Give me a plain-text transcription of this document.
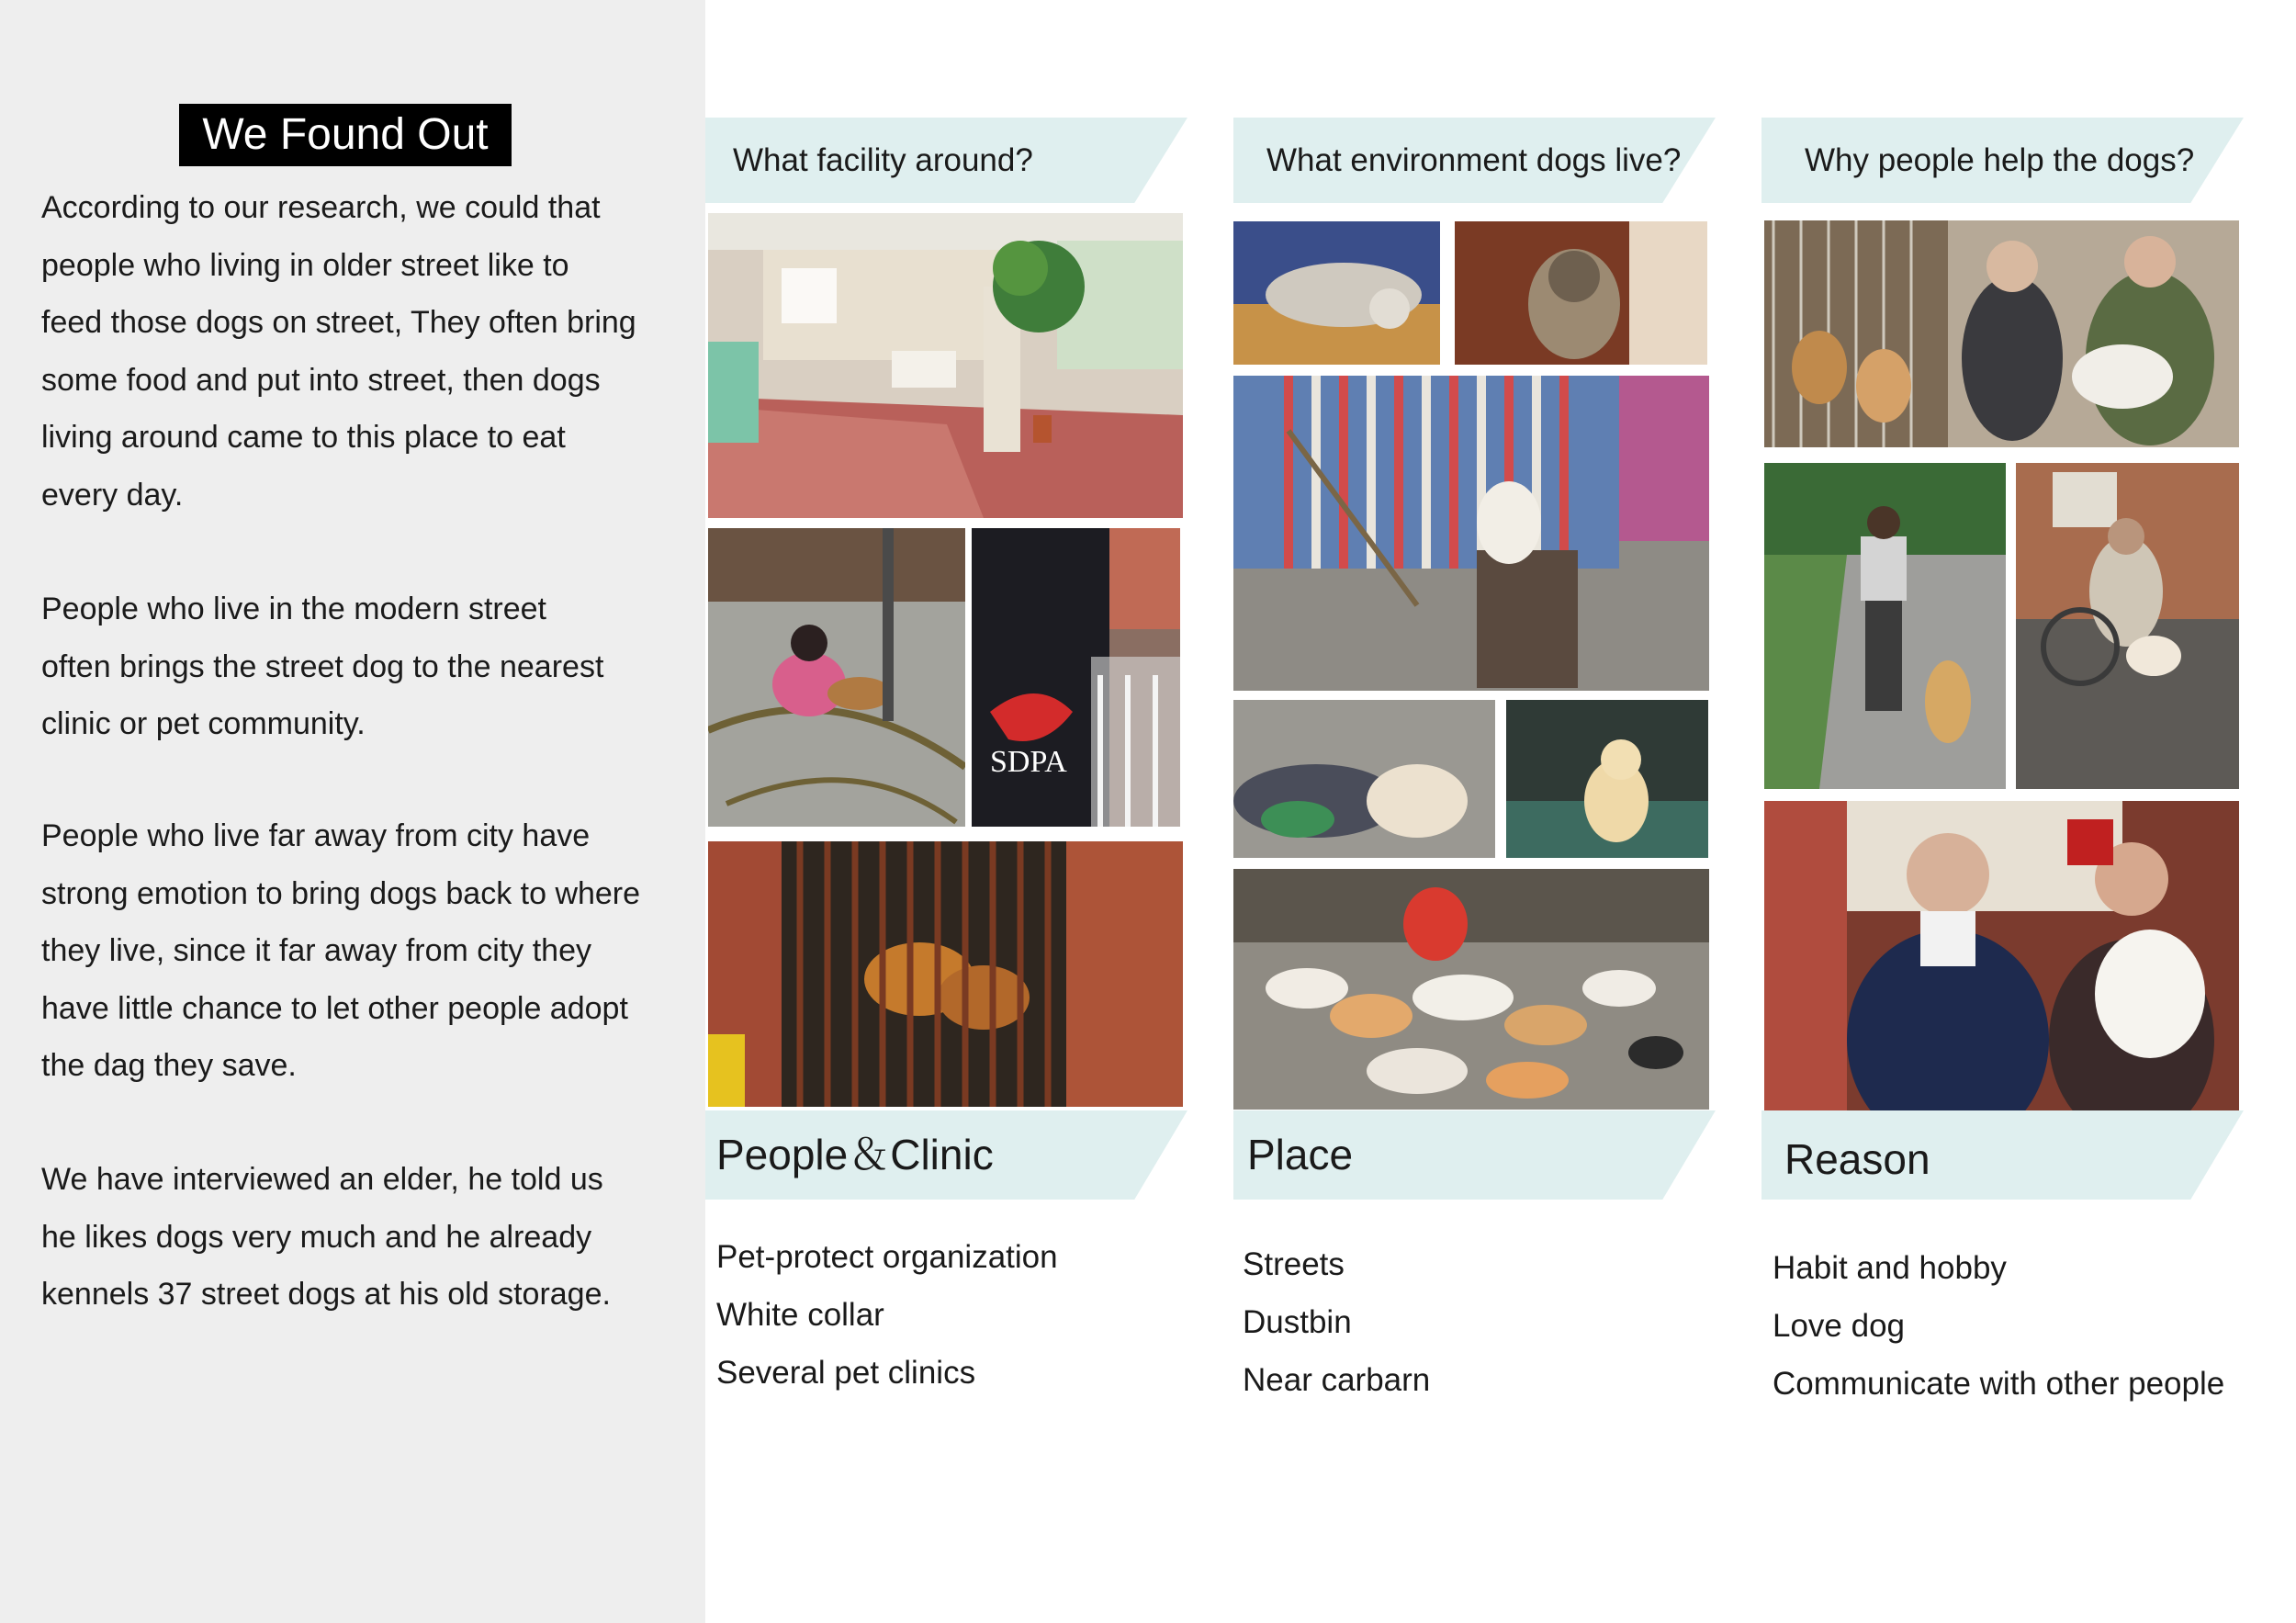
We Found Out

According to our research, we could that
people who living in older street like to
feed those dogs on street, They often bring
some food and put into street, then dogs
living around came to this place to eat
every day.

People who live in the modern street
often brings the street dog to the nearest
clinic or pet community.

People who live far away from city have
strong emotion to bring dogs back to where
they live, since it far away from city they
have little chance to let other people adopt
the dag they save.

We have interviewed an elder, he told us
he likes dogs very much and he already
kennels 37 street dogs at his old storage.

What facility around?
SDPA
People＆Clinic
Pet-protect organization
White collar
Several pet clinics
What environment dogs live?
Place
Streets
Dustbin
Near carbarn
Why people help the dogs?
Reason
Habit and hobby
Love dog
Communicate with other people
